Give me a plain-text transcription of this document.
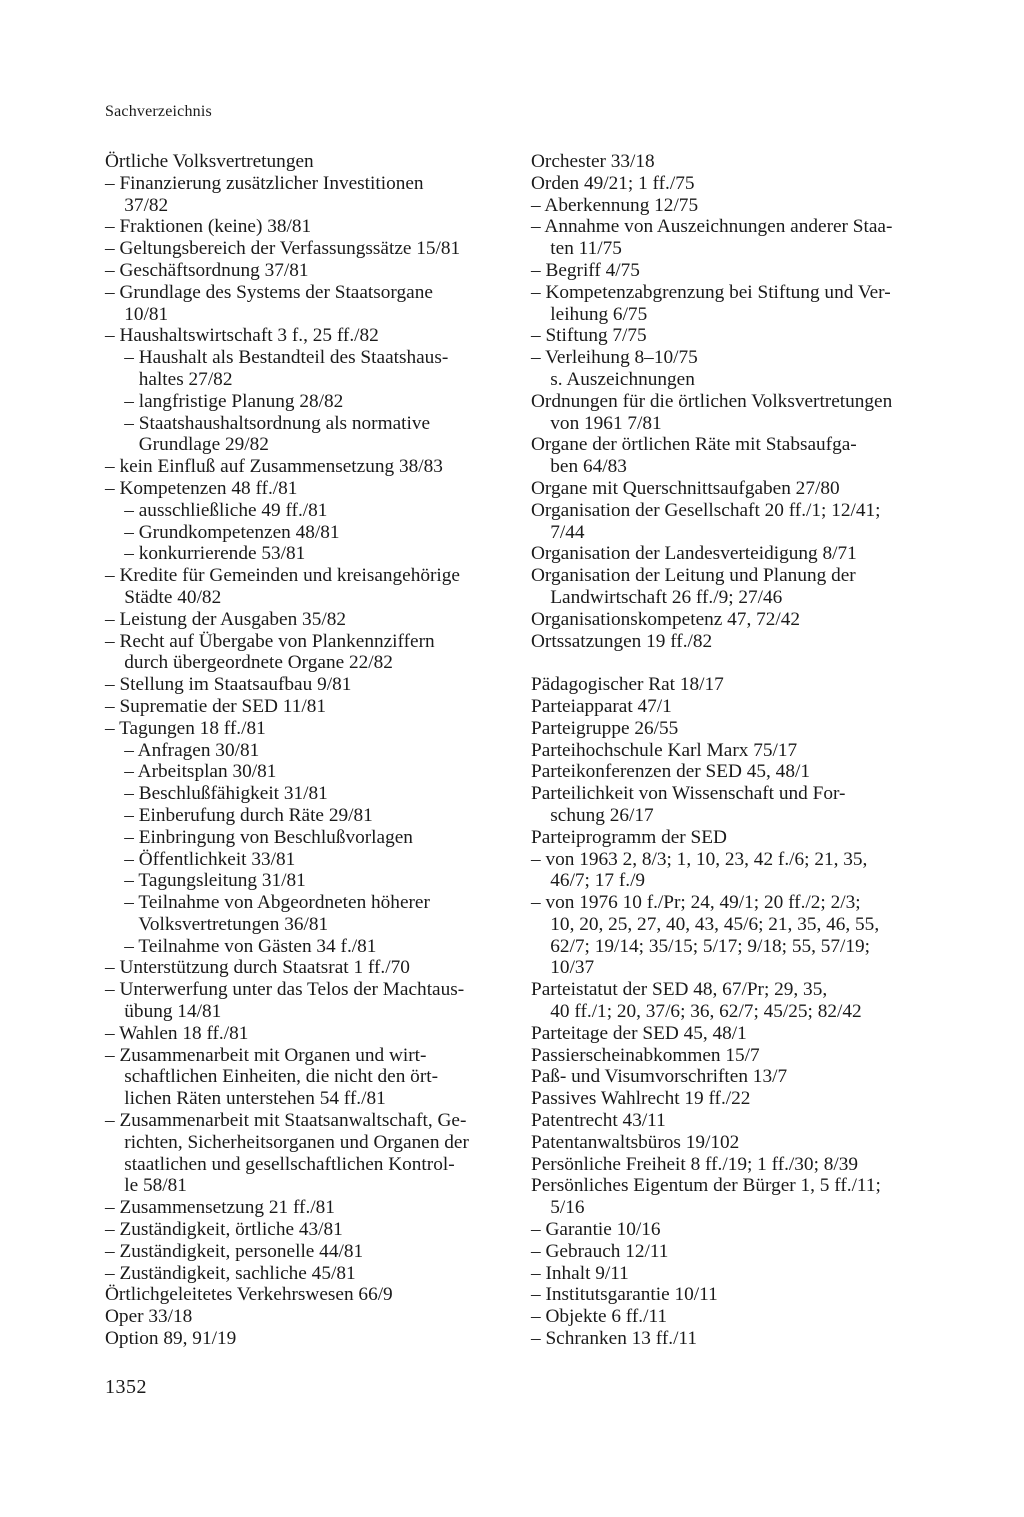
Sachverzeichnis
Örtliche Volksvertretungen
– Finanzierung zusätzlicher Investitionen
37/82
– Fraktionen (keine) 38/81
– Geltungsbereich der Verfassungssätze 15/81
– Geschäftsordnung 37/81
– Grundlage des Systems der Staatsorgane
10/81
– Haushaltswirtschaft 3 f., 25 ff./82
– Haushalt als Bestandteil des Staatshaus-
haltes 27/82
– langfristige Planung 28/82
– Staatshaushaltsordnung als normative
Grundlage 29/82
– kein Einfluß auf Zusammensetzung 38/83
– Kompetenzen 48 ff./81
– ausschließliche 49 ff./81
– Grundkompetenzen 48/81
– konkurrierende 53/81
– Kredite für Gemeinden und kreisangehörige
Städte 40/82
– Leistung der Ausgaben 35/82
– Recht auf Übergabe von Plankennziffern
durch übergeordnete Organe 22/82
– Stellung im Staatsaufbau 9/81
– Suprematie der SED 11/81
– Tagungen 18 ff./81
– Anfragen 30/81
– Arbeitsplan 30/81
– Beschlußfähigkeit 31/81
– Einberufung durch Räte 29/81
– Einbringung von Beschlußvorlagen
– Öffentlichkeit 33/81
– Tagungsleitung 31/81
– Teilnahme von Abgeordneten höherer
Volksvertretungen 36/81
– Teilnahme von Gästen 34 f./81
– Unterstützung durch Staatsrat 1 ff./70
– Unterwerfung unter das Telos der Machtaus-
übung 14/81
– Wahlen 18 ff./81
– Zusammenarbeit mit Organen und wirt-
schaftlichen Einheiten, die nicht den ört-
lichen Räten unterstehen 54 ff./81
– Zusammenarbeit mit Staatsanwaltschaft, Ge-
richten, Sicherheitsorganen und Organen der
staatlichen und gesellschaftlichen Kontrol-
le 58/81
– Zusammensetzung 21 ff./81
– Zuständigkeit, örtliche 43/81
– Zuständigkeit, personelle 44/81
– Zuständigkeit, sachliche 45/81
Örtlichgeleitetes Verkehrswesen 66/9
Oper 33/18
Option 89, 91/19
Orchester 33/18
Orden 49/21; 1 ff./75
– Aberkennung 12/75
– Annahme von Auszeichnungen anderer Staa-
ten 11/75
– Begriff 4/75
– Kompetenzabgrenzung bei Stiftung und Ver-
leihung 6/75
– Stiftung 7/75
– Verleihung 8–10/75
s. Auszeichnungen
Ordnungen für die örtlichen Volksvertretungen
von 1961 7/81
Organe der örtlichen Räte mit Stabsaufga-
ben 64/83
Organe mit Querschnittsaufgaben 27/80
Organisation der Gesellschaft 20 ff./1; 12/41;
7/44
Organisation der Landesverteidigung 8/71
Organisation der Leitung und Planung der
Landwirtschaft 26 ff./9; 27/46
Organisationskompetenz 47, 72/42
Ortssatzungen 19 ff./82
Pädagogischer Rat 18/17
Parteiapparat 47/1
Parteigruppe 26/55
Parteihochschule Karl Marx 75/17
Parteikonferenzen der SED 45, 48/1
Parteilichkeit von Wissenschaft und For-
schung 26/17
Parteiprogramm der SED
– von 1963 2, 8/3; 1, 10, 23, 42 f./6; 21, 35,
46/7; 17 f./9
– von 1976 10 f./Pr; 24, 49/1; 20 ff./2; 2/3;
10, 20, 25, 27, 40, 43, 45/6; 21, 35, 46, 55,
62/7; 19/14; 35/15; 5/17; 9/18; 55, 57/19;
10/37
Parteistatut der SED 48, 67/Pr; 29, 35,
40 ff./1; 20, 37/6; 36, 62/7; 45/25; 82/42
Parteitage der SED 45, 48/1
Passierscheinabkommen 15/7
Paß- und Visumvorschriften 13/7
Passives Wahlrecht 19 ff./22
Patentrecht 43/11
Patentanwaltsbüros 19/102
Persönliche Freiheit 8 ff./19; 1 ff./30; 8/39
Persönliches Eigentum der Bürger 1, 5 ff./11;
5/16
– Garantie 10/16
– Gebrauch 12/11
– Inhalt 9/11
– Institutsgarantie 10/11
– Objekte 6 ff./11
– Schranken 13 ff./11
1352
